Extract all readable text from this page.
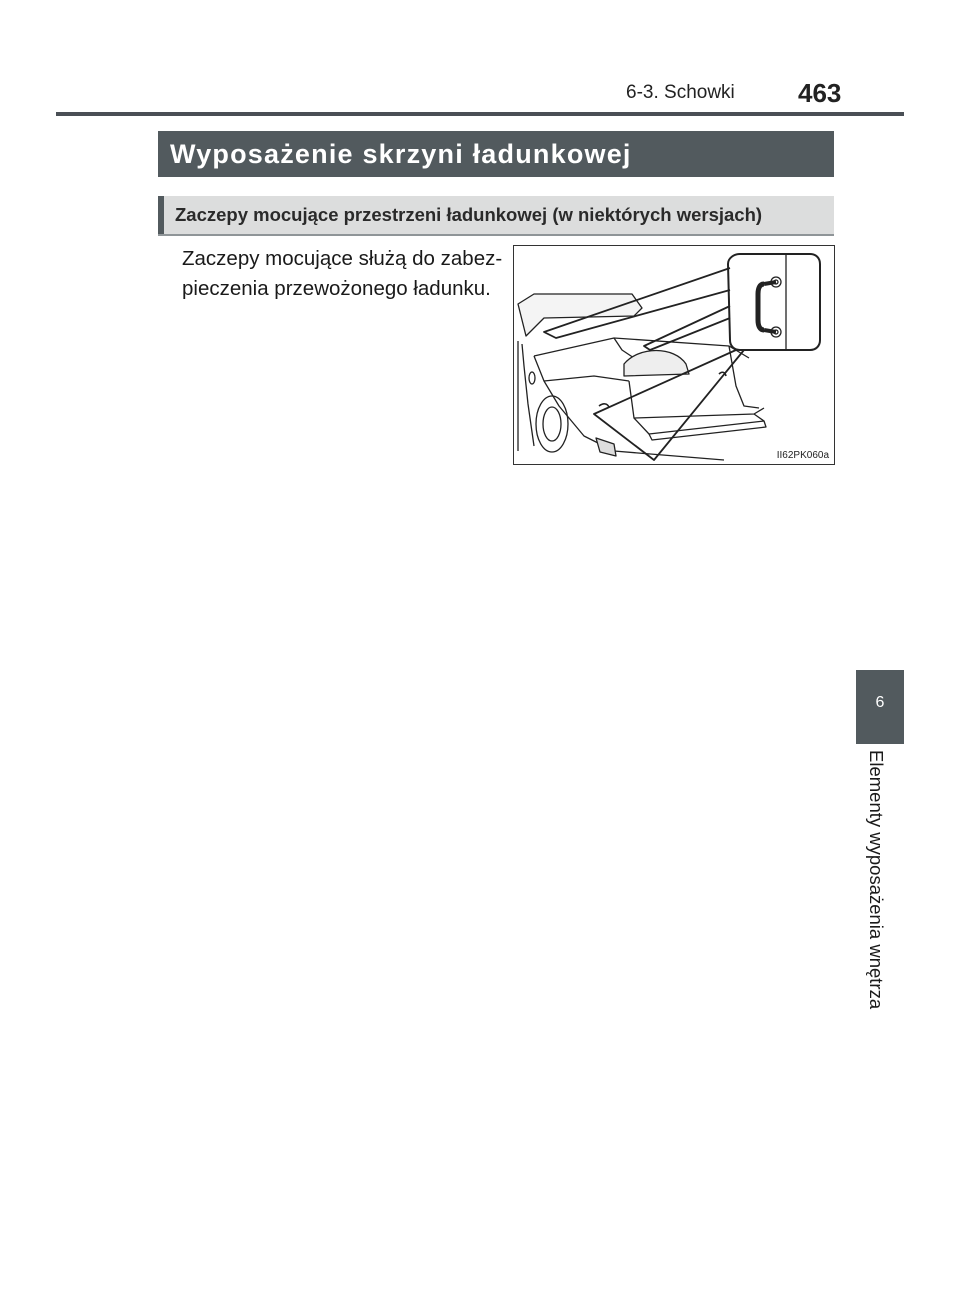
6-3. Schowki 463
Wyposażenie skrzyni ładunkowej
Zaczepy mocujące przestrzeni ładunkowej (w niektórych wersjach)
Zaczepy mocujące służą do zabez-
pieczenia przewożonego ładunku.
II62PK060a
6
Elementy wyposażenia wnętrza
